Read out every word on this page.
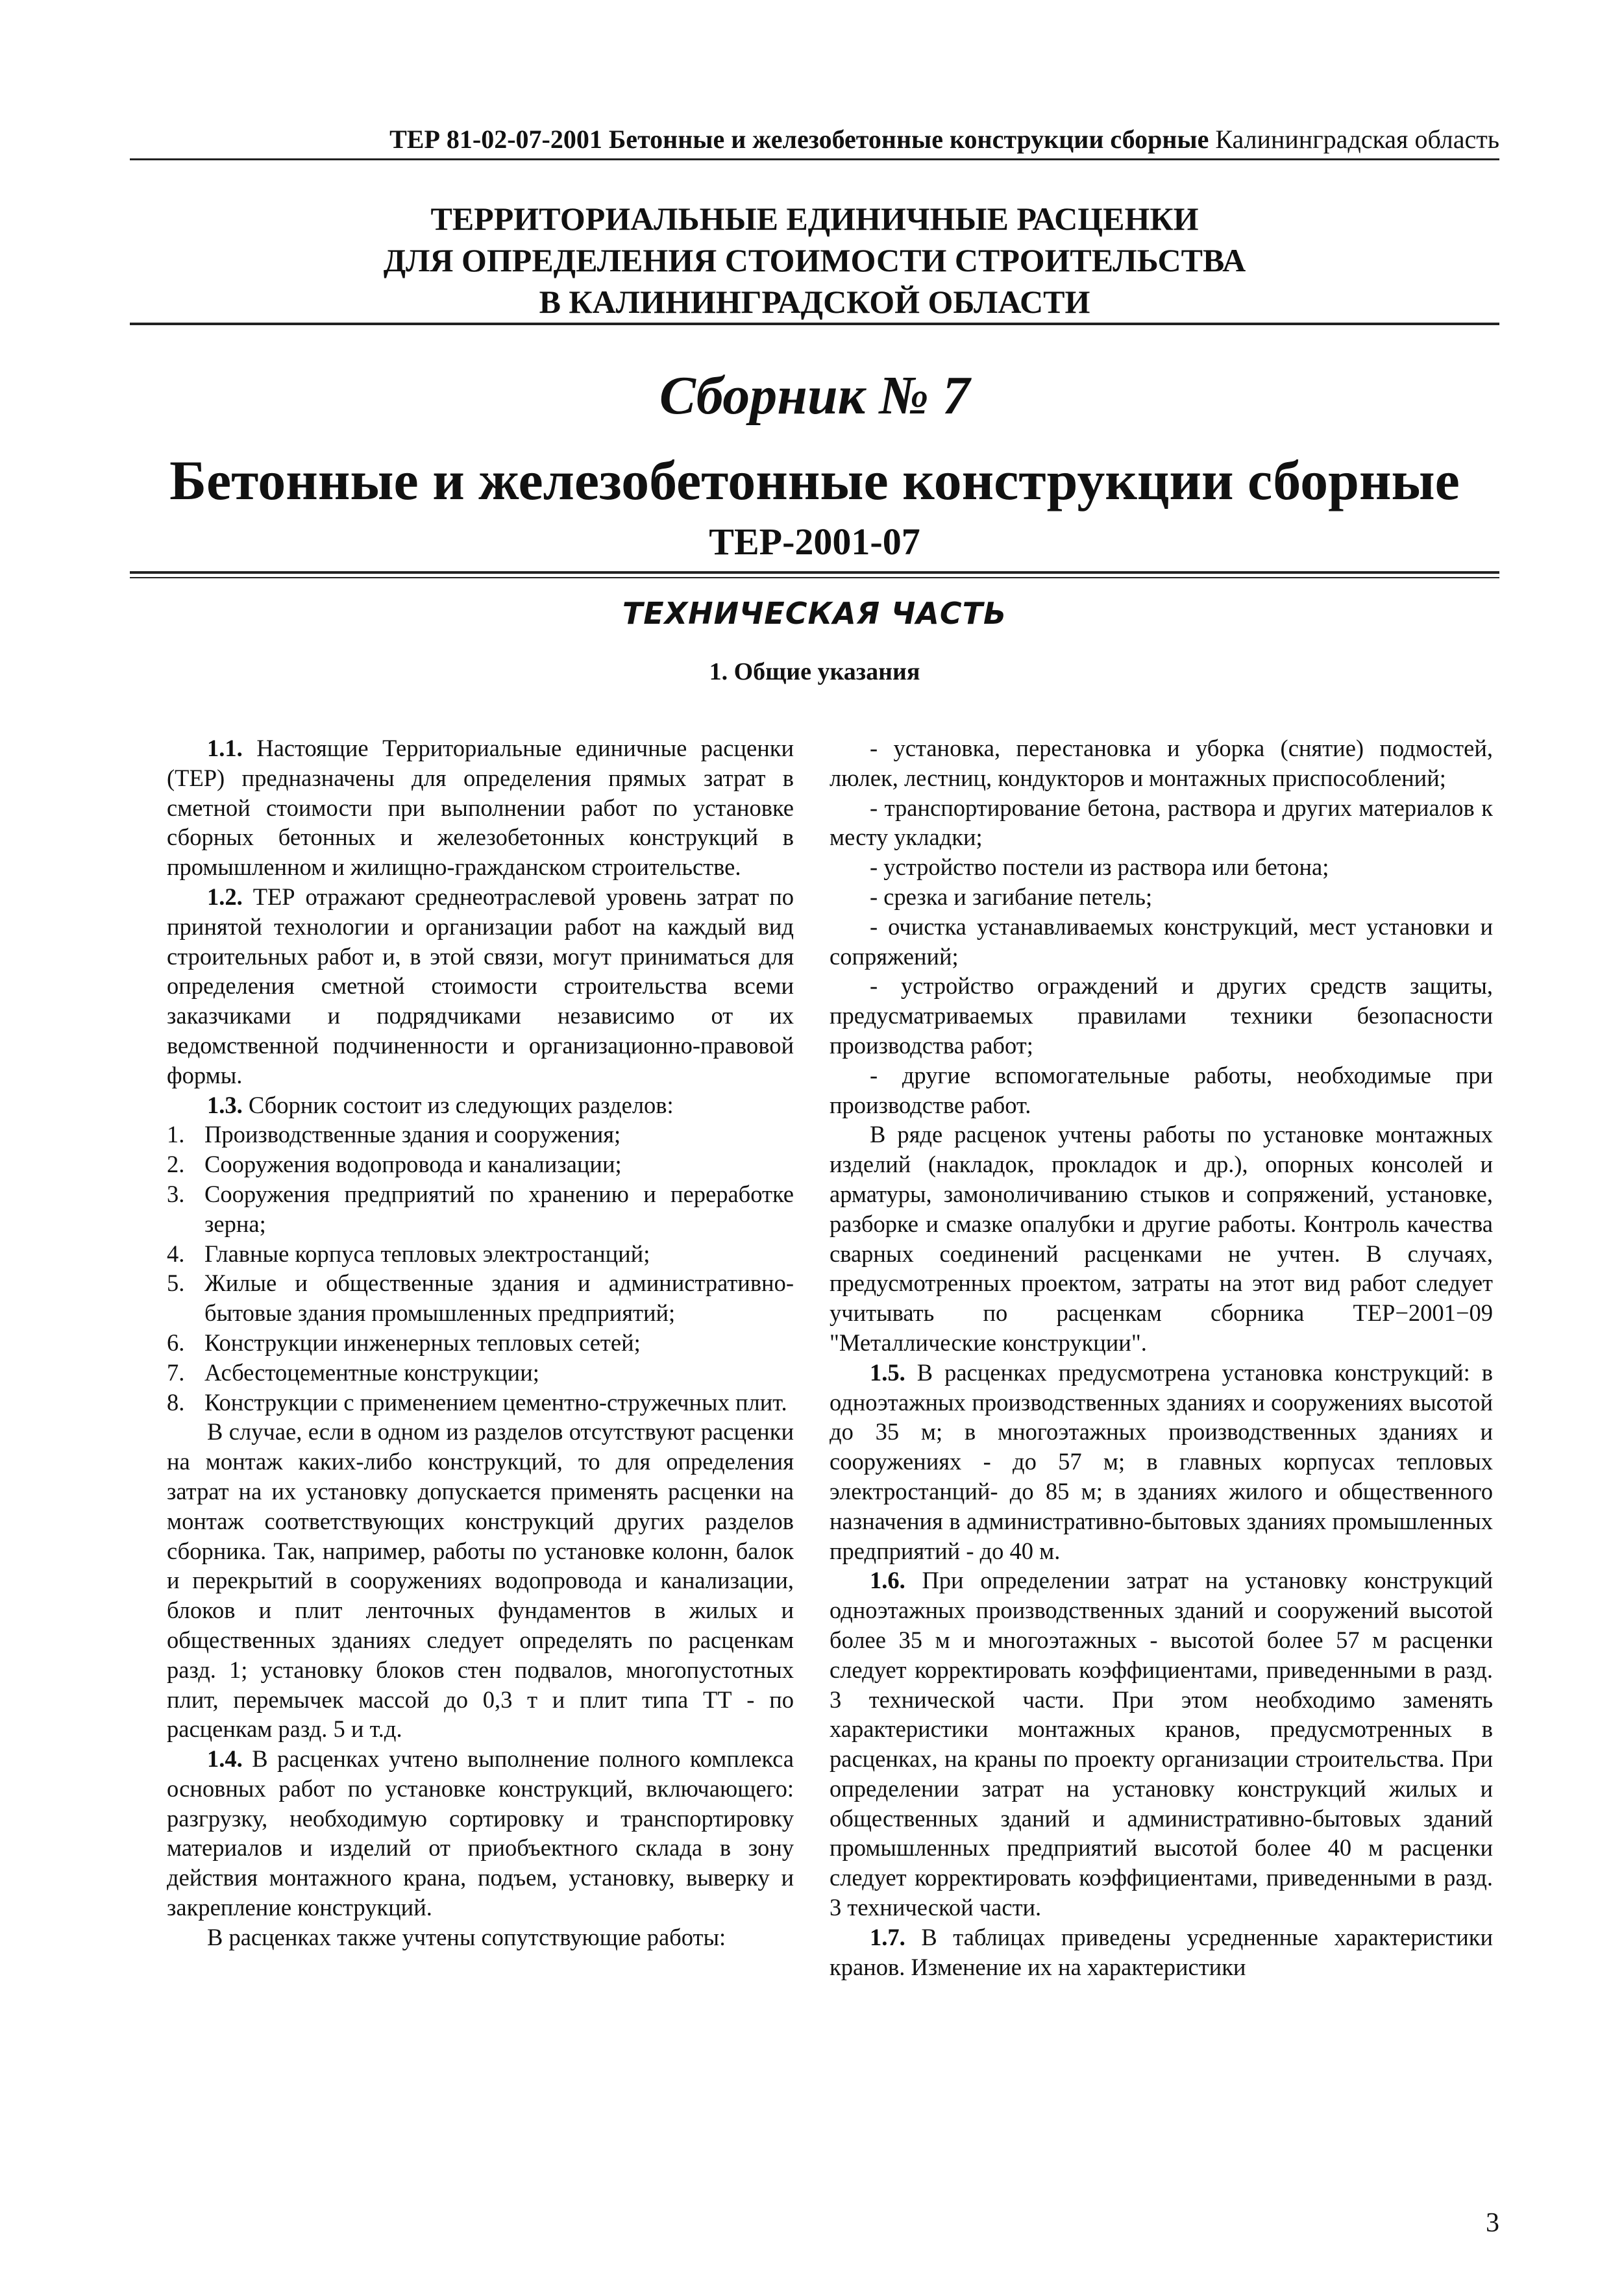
ТЕР 81-02-07-2001 Бетонные и железобетонные конструкции сборные Калининградская область
ТЕРРИТОРИАЛЬНЫЕ ЕДИНИЧНЫЕ РАСЦЕНКИ
ДЛЯ ОПРЕДЕЛЕНИЯ СТОИМОСТИ СТРОИТЕЛЬСТВА
В КАЛИНИНГРАДСКОЙ ОБЛАСТИ
Сборник № 7
Бетонные и железобетонные конструкции сборные
ТЕР-2001-07
ТЕХНИЧЕСКАЯ ЧАСТЬ
1. Общие указания

1.1. Настоящие Территориальные единичные расценки (ТЕР) предназначены для определения прямых затрат в сметной стоимости при выполнении работ по установке сборных бетонных и железобетонных конструкций в промышленном и жилищно-гражданском строительстве.

1.2. ТЕР отражают среднеотраслевой уровень затрат по принятой технологии и организации работ на каждый вид строительных работ и, в этой связи, могут приниматься для определения сметной стоимости строительства всеми заказчиками и подрядчиками независимо от их ведомственной подчиненности и организационно-правовой формы.

1.3. Сборник состоит из следующих разделов:

1. Производственные здания и сооружения;
2. Сооружения водопровода и канализации;
3. Сооружения предприятий по хранению и переработке зерна;
4. Главные корпуса тепловых электростанций;
5. Жилые и общественные здания и административно-бытовые здания промышленных предприятий;
6. Конструкции инженерных тепловых сетей;
7. Асбестоцементные конструкции;
8. Конструкции с применением цементно-стружечных плит.

В случае, если в одном из разделов отсутствуют расценки на монтаж каких-либо конструкций, то для определения затрат на их установку допускается применять расценки на монтаж соответствующих конструкций других разделов сборника. Так, например, работы по установке колонн, балок и перекрытий в сооружениях водопровода и канализации, блоков и плит ленточных фундаментов в жилых и общественных зданиях следует определять по расценкам разд. 1; установку блоков стен подвалов, многопустотных плит, перемычек массой до 0,3 т и плит типа ТТ - по расценкам разд. 5 и т.д.

1.4. В расценках учтено выполнение полного комплекса основных работ по установке конструкций, включающего: разгрузку, необходимую сортировку и транспортировку материалов и изделий от приобъектного склада в зону действия монтажного крана, подъем, установку, выверку и закрепление конструкций.

В расценках также учтены сопутствующие работы:

- установка, перестановка и уборка (снятие) подмостей, люлек, лестниц, кондукторов и монтажных приспособлений;

- транспортирование бетона, раствора и других материалов к месту укладки;

- устройство постели из раствора или бетона;

- срезка и загибание петель;

- очистка устанавливаемых конструкций, мест установки и сопряжений;

- устройство ограждений и других средств защиты, предусматриваемых правилами техники безопасности производства работ;

- другие вспомогательные работы, необходимые при производстве работ.

В ряде расценок учтены работы по установке монтажных изделий (накладок, прокладок и др.), опорных консолей и арматуры, замоноличиванию стыков и сопряжений, установке, разборке и смазке опалубки и другие работы. Контроль качества сварных соединений расценками не учтен. В случаях, предусмотренных проектом, затраты на этот вид работ следует учитывать по расценкам сборника ТЕР−2001−09 "Металлические конструкции".

1.5. В расценках предусмотрена установка конструкций: в одноэтажных производственных зданиях и сооружениях высотой до 35 м; в многоэтажных производственных зданиях и сооружениях - до 57 м; в главных корпусах тепловых электростанций- до 85 м; в зданиях жилого и общественного назначения в административно-бытовых зданиях промышленных предприятий - до 40 м.

1.6. При определении затрат на установку конструкций одноэтажных производственных зданий и сооружений высотой более 35 м и многоэтажных - высотой более 57 м расценки следует корректировать коэффициентами, приведенными в разд. 3 технической части. При этом необходимо заменять характеристики монтажных кранов, предусмотренных в расценках, на краны по проекту организации строительства. При определении затрат на установку конструкций жилых и общественных зданий и административно-бытовых зданий промышленных предприятий высотой более 40 м расценки следует корректировать коэффициентами, приведенными в разд. 3 технической части.

1.7. В таблицах приведены усредненные характеристики кранов. Изменение их на характеристики

3
